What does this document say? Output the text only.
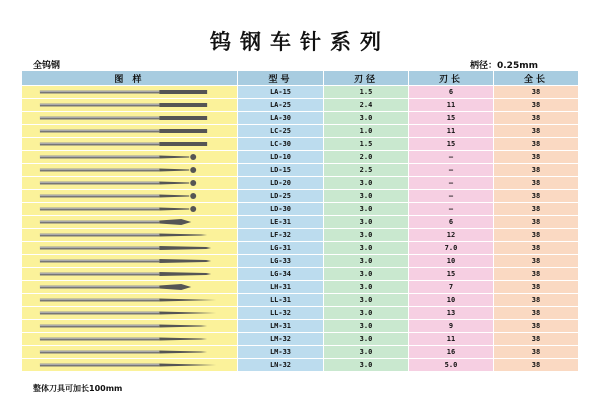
钨钢车针系列
全钨钢	柄径：0.25mm
图 样	型号	刃径	刃长	全长

	LA-15	1.5	6	38

	LA-25	2.4	11	38

	LA-30	3.0	15	38

	LC-25	1.0	11	38

	LC-30	1.5	15	38

	LD-10	2.0	—	38

	LD-15	2.5	—	38

	LD-20	3.0	—	38

	LD-25	3.0	—	38

	LD-30	3.0	—	38

	LE-31	3.0	6	38

	LF-32	3.0	12	38

	LG-31	3.0	7.0	38

	LG-33	3.0	10	38

	LG-34	3.0	15	38

	LH-31	3.0	7	38

	LL-31	3.0	10	38

	LL-32	3.0	13	38

	LM-31	3.0	9	38

	LM-32	3.0	11	38

	LM-33	3.0	16	38

	LN-32	3.0	5.0	38
整体刀具可加长100mm
